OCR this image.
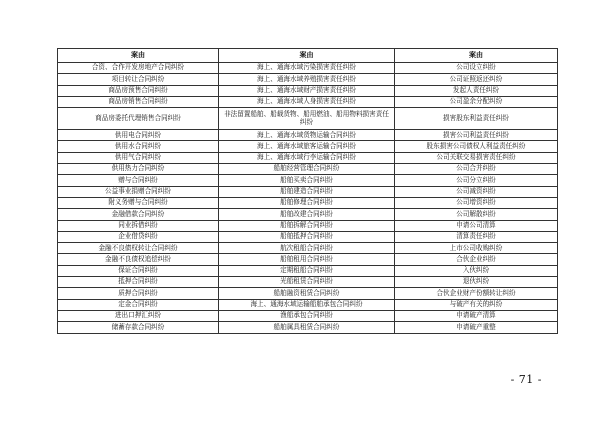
案由	案由	案由
合资、合作开发房地产合同纠纷	海上、通海水域污染损害责任纠纷	公司设立纠纷
项目转让合同纠纷	海上、通海水域养殖损害责任纠纷	公司证照返还纠纷
商品房预售合同纠纷	海上、通海水域财产损害责任纠纷	发起人责任纠纷
商品房销售合同纠纷	海上、通海水域人身损害责任纠纷	公司盈余分配纠纷
商品房委托代理销售合同纠纷	非法留置船舶、船载货物、船用燃油、船用物料损害责任纠纷	损害股东利益责任纠纷
供用电合同纠纷	海上、通海水域货物运输合同纠纷	损害公司利益责任纠纷
供用水合同纠纷	海上、通海水域旅客运输合同纠纷	股东损害公司债权人利益责任纠纷
供用气合同纠纷	海上、通海水域行李运输合同纠纷	公司关联交易损害责任纠纷
供用热力合同纠纷	船舶经营管理合同纠纷	公司合并纠纷
赠与合同纠纷	船舶买卖合同纠纷	公司分立纠纷
公益事业捐赠合同纠纷	船舶建造合同纠纷	公司减资纠纷
附义务赠与合同纠纷	船舶修理合同纠纷	公司增资纠纷
金融借款合同纠纷	船舶改建合同纠纷	公司解散纠纷
同业拆借纠纷	船舶拆解合同纠纷	申请公司清算
企业借贷纠纷	船舶抵押合同纠纷	清算责任纠纷
金融不良债权转让合同纠纷	航次租船合同纠纷	上市公司收购纠纷
金融不良债权追偿纠纷	船舶租用合同纠纷	合伙企业纠纷
保证合同纠纷	定期租船合同纠纷	入伙纠纷
抵押合同纠纷	光船租赁合同纠纷	退伙纠纷
质押合同纠纷	船舶融资租赁合同纠纷	合伙企业财产份额转让纠纷
定金合同纠纷	海上、通海水域运输船舶承包合同纠纷	与破产有关的纠纷
进出口押汇纠纷	渔船承包合同纠纷	申请破产清算
储蓄存款合同纠纷	船舶属具租赁合同纠纷	申请破产重整
- 71 -
